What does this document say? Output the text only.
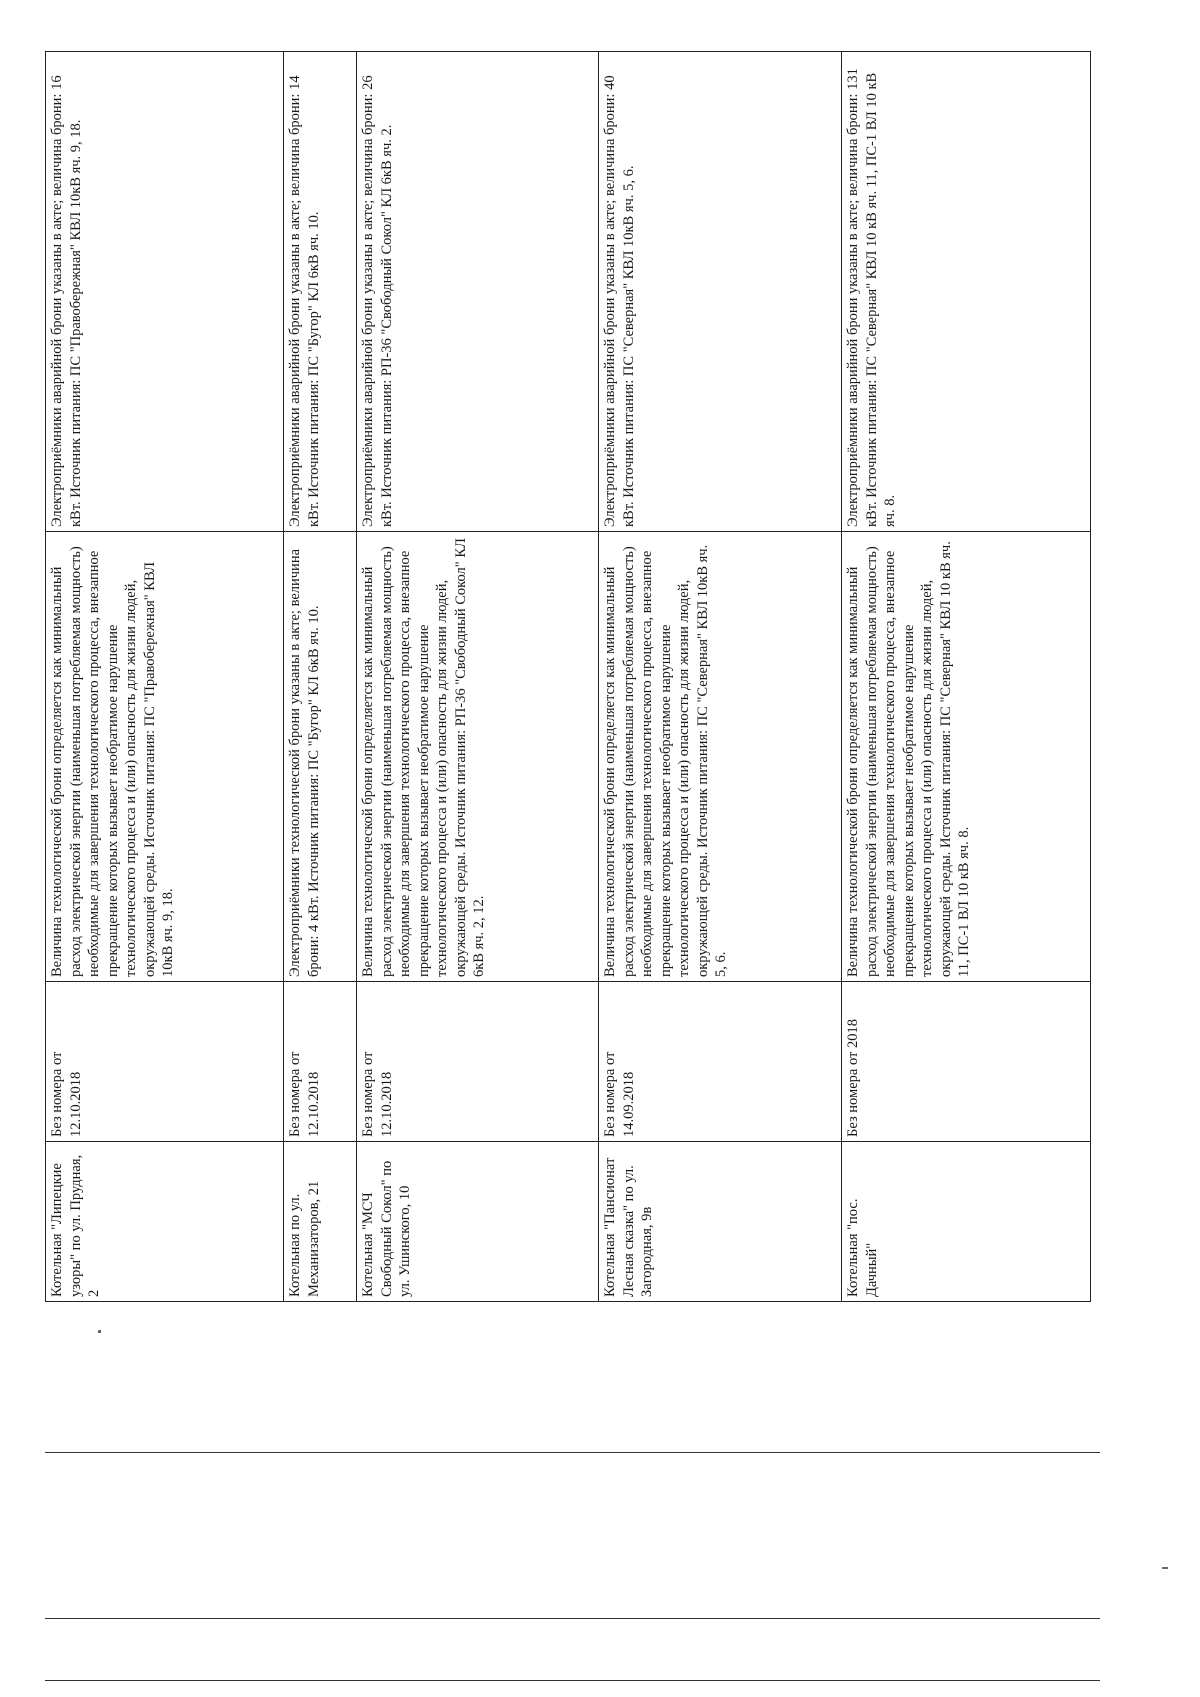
Котельная "Липецкие узоры" по ул. Прудная, 2	Без номера от 12.10.2018	Величина технологической брони определяется как минимальный расход электрической энергии (наименьшая потребляемая мощность) необходимые для завершения технологического процесса, внезапное прекращение которых вызывает необратимое нарушение технологического процесса и (или) опасность для жизни людей, окружающей среды. Источник питания: ПС "Правобережная" КВЛ 10кВ яч. 9, 18.	Электроприёмники аварийной брони указаны в акте; величина брони: 16 кВт. Источник питания: ПС "Правобережная" КВЛ 10кВ яч. 9, 18.
Котельная по ул. Механизаторов, 21	Без номера от 12.10.2018	Электроприёмники технологической брони указаны в акте; величина брони: 4 кВт. Источник питания: ПС "Бугор" КЛ 6кВ яч. 10.	Электроприёмники аварийной брони указаны в акте; величина брони: 14 кВт. Источник питания: ПС "Бугор" КЛ 6кВ яч. 10.
Котельная "МСЧ Свободный Сокол" по ул. Ушинского, 10	Без номера от 12.10.2018	Величина технологической брони определяется как минимальный расход электрической энергии (наименьшая потребляемая мощность) необходимые для завершения технологического процесса, внезапное прекращение которых вызывает необратимое нарушение технологического процесса и (или) опасность для жизни людей, окружающей среды. Источник питания: РП-36 "Свободный Сокол" КЛ 6кВ яч. 2, 12.	Электроприёмники аварийной брони указаны в акте; величина брони: 26 кВт. Источник питания: РП-36 "Свободный Сокол" КЛ 6кВ яч. 2.
Котельная "Пансионат Лесная сказка" по ул. Загородная, 9в	Без номера от 14.09.2018	Величина технологической брони определяется как минимальный расход электрической энергии (наименьшая потребляемая мощность) необходимые для завершения технологического процесса, внезапное прекращение которых вызывает необратимое нарушение технологического процесса и (или) опасность для жизни людей, окружающей среды. Источник питания: ПС "Северная" КВЛ 10кВ яч. 5, 6.	Электроприёмники аварийной брони указаны в акте; величина брони: 40 кВт. Источник питания: ПС "Северная" КВЛ 10кВ яч. 5, 6.
Котельная "пос. Дачный"	Без номера от 2018	Величина технологической брони определяется как минимальный расход электрической энергии (наименьшая потребляемая мощность) необходимые для завершения технологического процесса, внезапное прекращение которых вызывает необратимое нарушение технологического процесса и (или) опасность для жизни людей, окружающей среды. Источник питания: ПС "Северная" КВЛ 10 кВ яч. 11, ПС-1 ВЛ 10 кВ яч. 8.	Электроприёмники аварийной брони указаны в акте; величина брони: 131 кВт. Источник питания: ПС "Северная" КВЛ 10 кВ яч. 11, ПС-1 ВЛ 10 кВ яч. 8.
